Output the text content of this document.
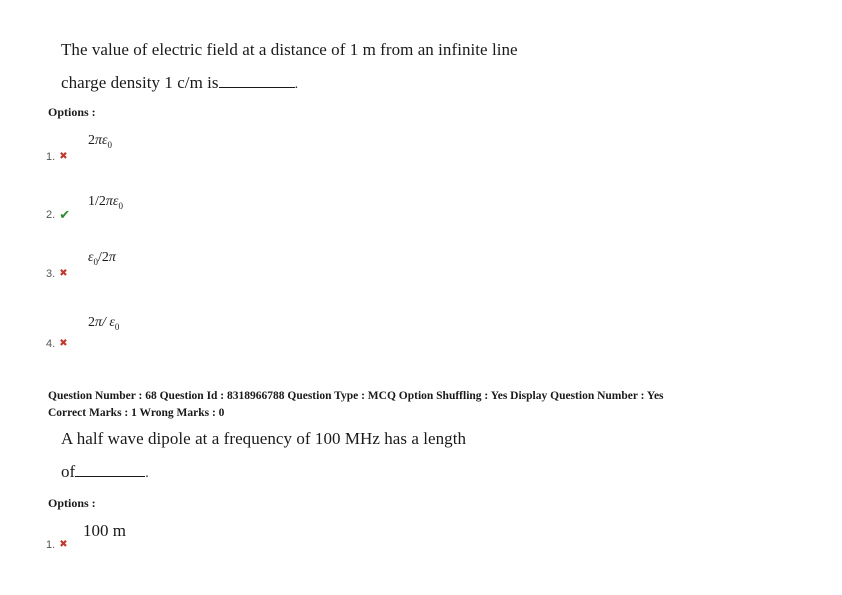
The value of electric field at a distance of 1 m from an infinite line
charge density 1 c/m is	.
Options :
$2\pi\varepsilon_0$
1. ✖
$1/2\pi\varepsilon_0$
2. ✔
$\varepsilon_0/2\pi$
3. ✖
2π/ $\varepsilon_0$
4. ✖
Question Number : 68 Question Id : 8318966788 Question Type : MCQ Option Shuffling : Yes Display Question Number : Yes
Correct Marks : 1 Wrong Marks : 0
A half wave dipole at a frequency of 100 MHz has a length
of	.
Options :
100 m
1. ✖
